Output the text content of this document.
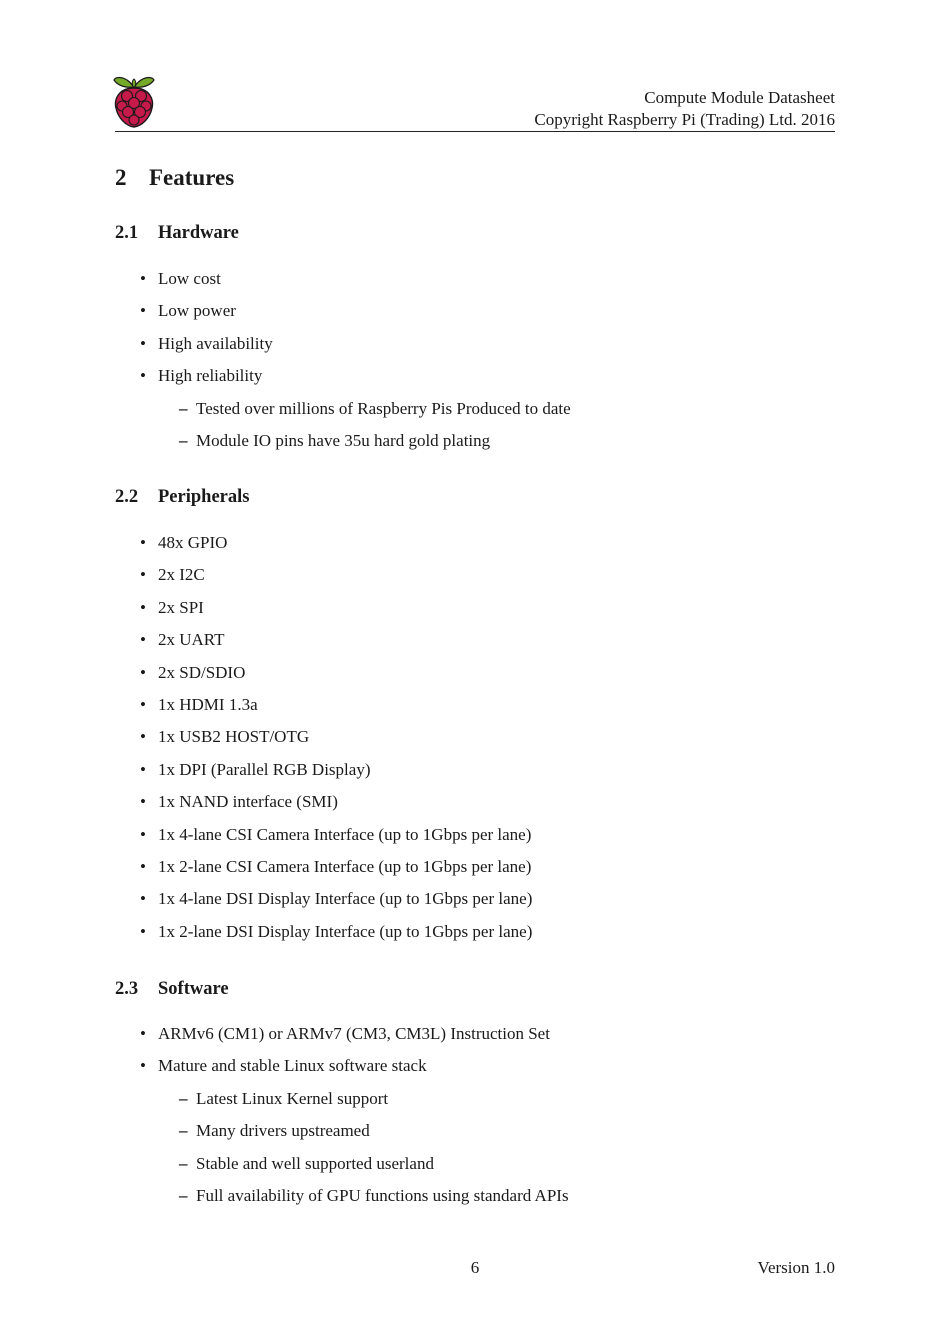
Compute Module Datasheet
Copyright Raspberry Pi (Trading) Ltd. 2016
2 Features
2.1 Hardware
• Low cost
• Low power
• High availability
• High reliability
– Tested over millions of Raspberry Pis Produced to date
– Module IO pins have 35u hard gold plating
2.2 Peripherals
• 48x GPIO
• 2x I2C
• 2x SPI
• 2x UART
• 2x SD/SDIO
• 1x HDMI 1.3a
• 1x USB2 HOST/OTG
• 1x DPI (Parallel RGB Display)
• 1x NAND interface (SMI)
• 1x 4-lane CSI Camera Interface (up to 1Gbps per lane)
• 1x 2-lane CSI Camera Interface (up to 1Gbps per lane)
• 1x 4-lane DSI Display Interface (up to 1Gbps per lane)
• 1x 2-lane DSI Display Interface (up to 1Gbps per lane)
2.3 Software
• ARMv6 (CM1) or ARMv7 (CM3, CM3L) Instruction Set
• Mature and stable Linux software stack
– Latest Linux Kernel support
– Many drivers upstreamed
– Stable and well supported userland
– Full availability of GPU functions using standard APIs
6	Version 1.0
